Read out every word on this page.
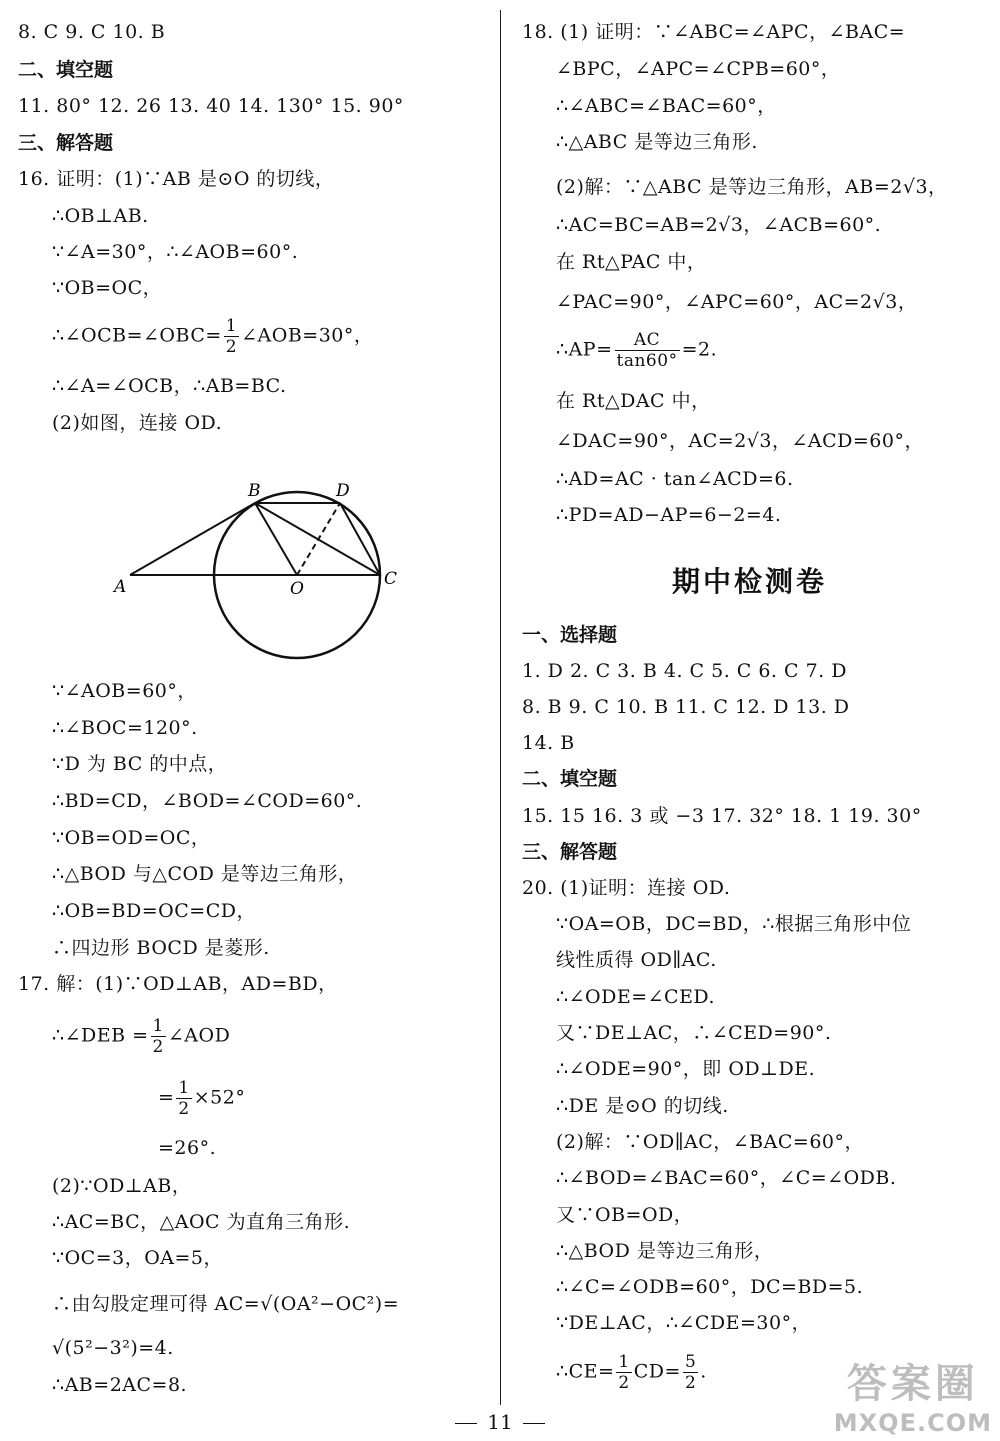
8. C 9. C 10. B
二、填空题
11. 80° 12. 26 13. 40 14. 130° 15. 90°
三、解答题
16. 证明：(1)∵AB 是⊙O 的切线，
∴OB⊥AB.
∵∠A=30°，∴∠AOB=60°.
∵OB=OC，
∴∠OCB=∠OBC= $\frac{1}{2}$ ∠AOB=30°，
∴∠A=∠OCB，∴AB=BC.
(2)如图，连接 OD.
A
B	D
C
O
∵∠AOB=60°，
∴∠BOC=120°.
∵D 为 BC 的中点，
∴BD=CD，∠BOD=∠COD=60°.
∵OB=OD=OC，
∴△BOD 与△COD 是等边三角形，
∴OB=BD=OC=CD，
∴四边形 BOCD 是菱形.
17. 解：(1)∵OD⊥AB，AD=BD，
∴∠DEB = $\frac{1}{2}$ ∠AOD
= $\frac{1}{2} \times 52^\circ$
=26°.
(2)∵OD⊥AB，
∴AC=BC，△AOC 为直角三角形.
∵OC=3，OA=5，
∴由勾股定理可得 AC=√(OA²−OC²)=
√(5²−3²)=4.
∴AB=2AC=8.
18. (1) 证明：∵∠ABC=∠APC，∠BAC=
∠BPC，∠APC=∠CPB=60°，
∴∠ABC=∠BAC=60°，
∴△ABC 是等边三角形.
(2)解：∵△ABC 是等边三角形，AB=2√3，
∴AC=BC=AB=2√3，∠ACB=60°.
在 Rt△PAC 中，
∠PAC=90°，∠APC=60°，AC=2√3，
∴AP= $\frac{AC}{\tan 60^\circ} =2$.
在 Rt△DAC 中，
∠DAC=90°，AC=2√3，∠ACD=60°，
∴AD=AC · tan∠ACD=6.
∴PD=AD−AP=6−2=4.
期中检测卷
一、选择题
1. D 2. C 3. B 4. C 5. C 6. C 7. D
8. B 9. C 10. B 11. C 12. D 13. D
14. B
二、填空题
15. 15 16. 3 或 −3 17. 32° 18. 1 19. 30°
三、解答题
20. (1)证明：连接 OD.
∵OA=OB，DC=BD，∴根据三角形中位
线性质得 OD∥AC.
∴∠ODE=∠CED.
又∵DE⊥AC，∴∠CED=90°.
∴∠ODE=90°，即 OD⊥DE.
∴DE 是⊙O 的切线.
(2)解：∵OD∥AC，∠BAC=60°，
∴∠BOD=∠BAC=60°，∠C=∠ODB.
又∵OB=OD，
∴△BOD 是等边三角形，
∴∠C=∠ODB=60°，DC=BD=5.
∵DE⊥AC，∴∠CDE=30°，
∴CE= $\frac{1}{2} CD= \frac{5}{2}$ .
11
答案圈
MXQE.COM
